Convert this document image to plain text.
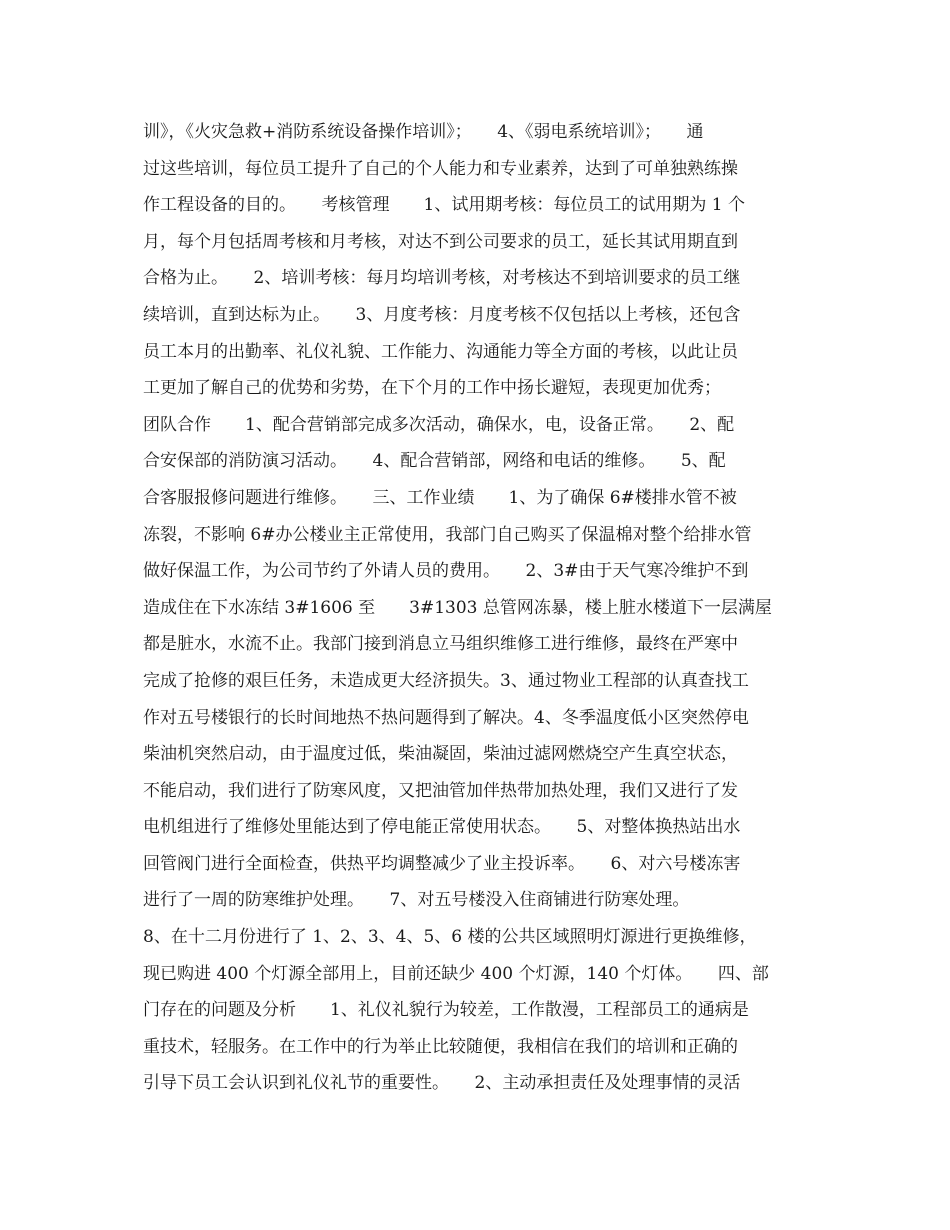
训》，《火灾急救+消防系统设备操作培训》；　　4、《弱电系统培训》；　　通
过这些培训，每位员工提升了自己的个人能力和专业素养，达到了可单独熟练操
作工程设备的目的。　　考核管理　　1、试用期考核：每位员工的试用期为 1 个
月，每个月包括周考核和月考核，对达不到公司要求的员工，延长其试用期直到
合格为止。　　2、培训考核：每月均培训考核，对考核达不到培训要求的员工继
续培训，直到达标为止。　　3、月度考核：月度考核不仅包括以上考核，还包含
员工本月的出勤率、礼仪礼貌、工作能力、沟通能力等全方面的考核，以此让员
工更加了解自己的优势和劣势，在下个月的工作中扬长避短，表现更加优秀；
团队合作　　1、配合营销部完成多次活动，确保水，电，设备正常。　　2、配
合安保部的消防演习活动。　　4、配合营销部，网络和电话的维修。　　5、配
合客服报修问题进行维修。　　三、工作业绩　　1、为了确保 6#楼排水管不被
冻裂，不影响 6#办公楼业主正常使用，我部门自己购买了保温棉对整个给排水管
做好保温工作，为公司节约了外请人员的费用。　　2、3#由于天气寒冷维护不到
造成住在下水冻结 3#1606 至　　3#1303 总管网冻暴，楼上脏水楼道下一层满屋
都是脏水，水流不止。我部门接到消息立马组织维修工进行维修，最终在严寒中
完成了抢修的艰巨任务，未造成更大经济损失。3、通过物业工程部的认真查找工
作对五号楼银行的长时间地热不热问题得到了解决。4、冬季温度低小区突然停电
柴油机突然启动，由于温度过低，柴油凝固，柴油过滤网燃烧空产生真空状态，
不能启动，我们进行了防寒风度，又把油管加伴热带加热处理，我们又进行了发
电机组进行了维修处里能达到了停电能正常使用状态。　　5、对整体换热站出水
回管阀门进行全面检查，供热平均调整减少了业主投诉率。　　6、对六号楼冻害
进行了一周的防寒维护处理。　　7、对五号楼没入住商铺进行防寒处理。
8、在十二月份进行了 1、2、3、4、5、6 楼的公共区域照明灯源进行更换维修，
现已购进 400 个灯源全部用上，目前还缺少 400 个灯源，140 个灯体。　　四、部
门存在的问题及分析　　1、礼仪礼貌行为较差，工作散漫，工程部员工的通病是
重技术，轻服务。在工作中的行为举止比较随便，我相信在我们的培训和正确的
引导下员工会认识到礼仪礼节的重要性。　　2、主动承担责任及处理事情的灵活
